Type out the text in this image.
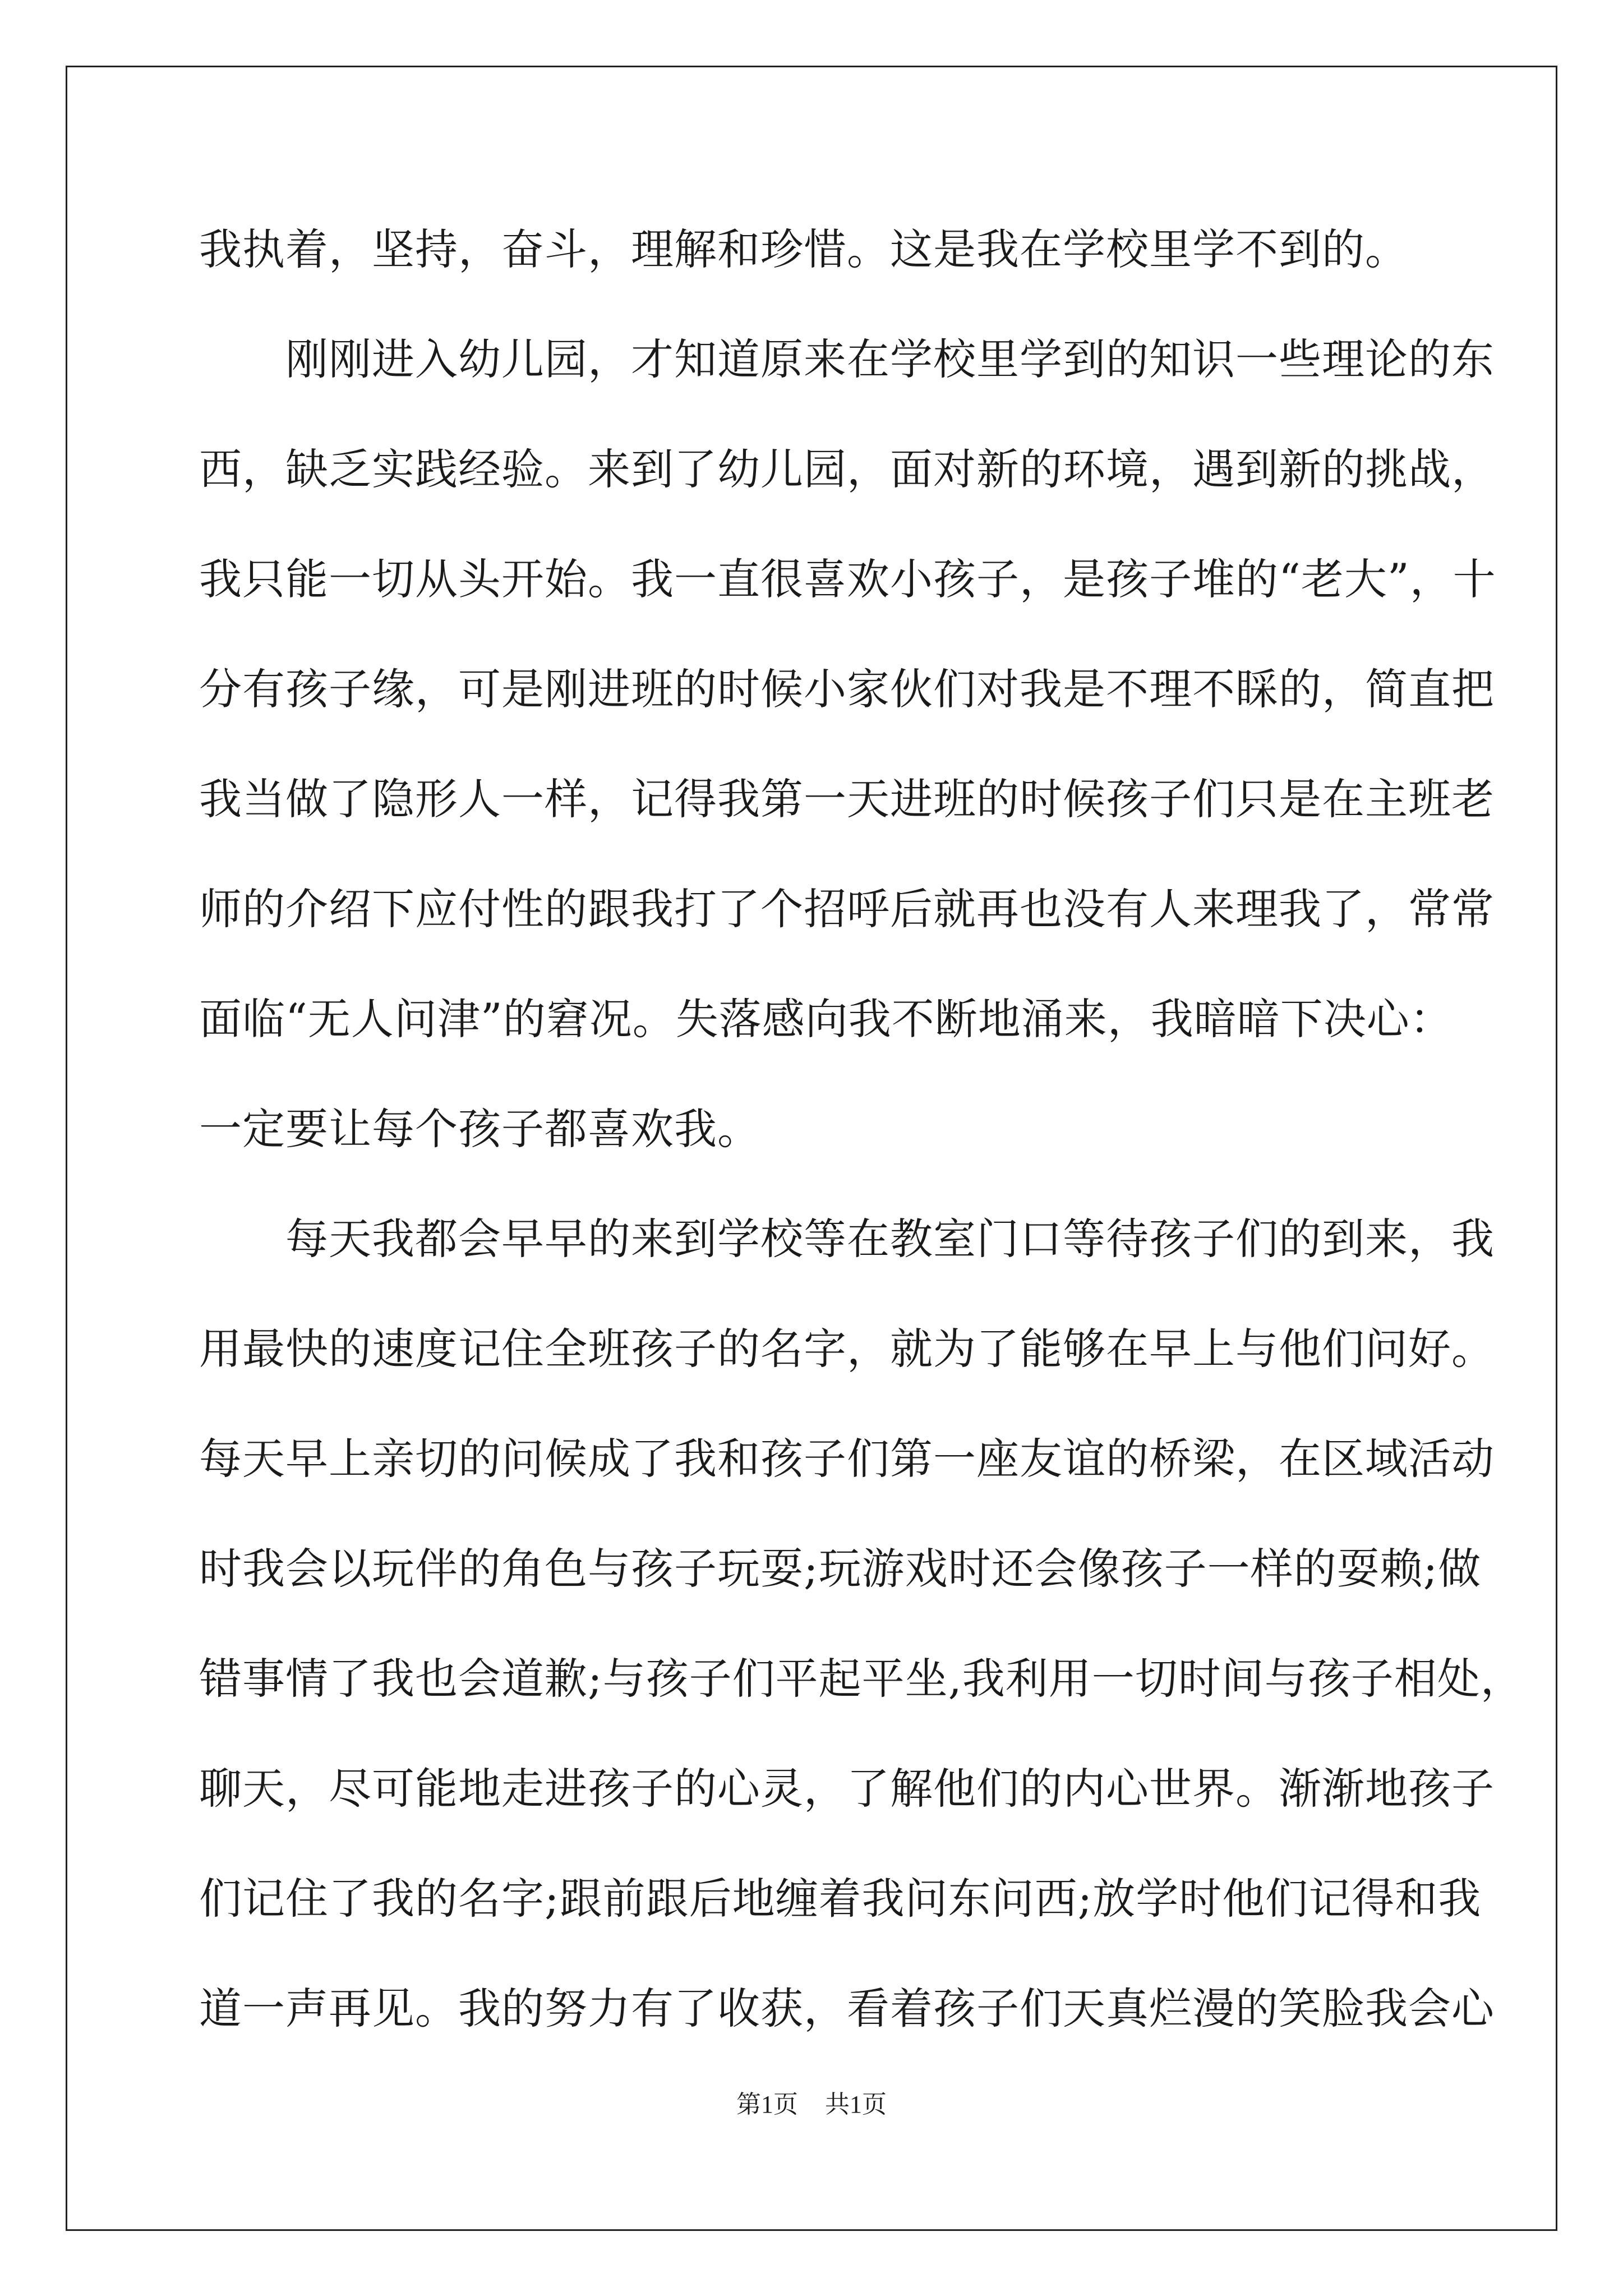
我执着，坚持，奋斗，理解和珍惜。这是我在学校里学不到的。
　　刚刚进入幼儿园，才知道原来在学校里学到的知识一些理论的东
西，缺乏实践经验。来到了幼儿园，面对新的环境，遇到新的挑战，
我只能一切从头开始。我一直很喜欢小孩子，是孩子堆的“老大”，十
分有孩子缘，可是刚进班的时候小家伙们对我是不理不睬的，简直把
我当做了隐形人一样，记得我第一天进班的时候孩子们只是在主班老
师的介绍下应付性的跟我打了个招呼后就再也没有人来理我了，常常
面临“无人问津”的窘况。失落感向我不断地涌来，我暗暗下决心：
一定要让每个孩子都喜欢我。
　　每天我都会早早的来到学校等在教室门口等待孩子们的到来，我
用最快的速度记住全班孩子的名字，就为了能够在早上与他们问好。
每天早上亲切的问候成了我和孩子们第一座友谊的桥梁，在区域活动
时我会以玩伴的角色与孩子玩耍;玩游戏时还会像孩子一样的耍赖;做
错事情了我也会道歉;与孩子们平起平坐,我利用一切时间与孩子相处，
聊天，尽可能地走进孩子的心灵，了解他们的内心世界。渐渐地孩子
们记住了我的名字;跟前跟后地缠着我问东问西;放学时他们记得和我
道一声再见。我的努力有了收获，看着孩子们天真烂漫的笑脸我会心
第1页 共1页
